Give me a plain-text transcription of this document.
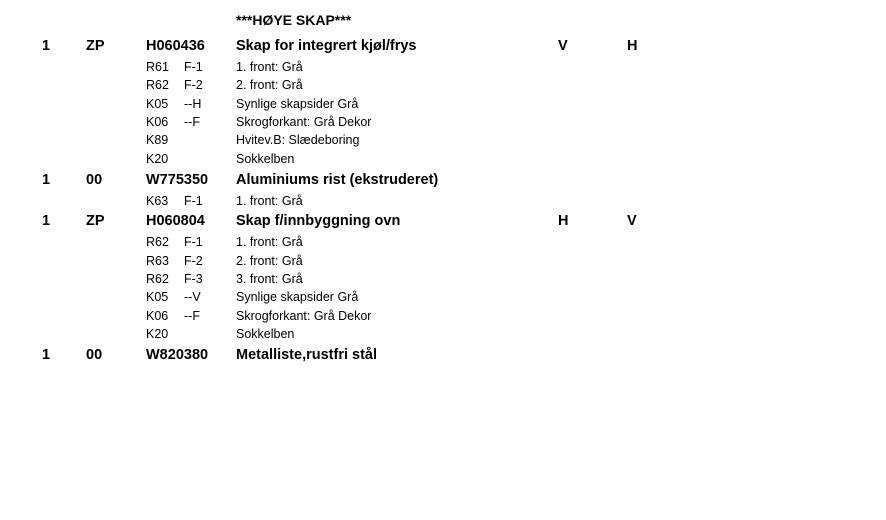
***HØYE SKAP***
1 ZP	H060436 Skap for integrert kjøl/frys	V	H
R61 F-1	1. front: Grå
R62 F-2	2. front: Grå
K05 --H	Synlige skapsider Grå
K06 --F	Skrogforkant: Grå Dekor
K89	Hvitev.B: Slædeboring
K20	Sokkelben
1 00	W775350 Aluminiums rist (ekstruderet)
K63 F-1	1. front: Grå
1 ZP	H060804 Skap f/innbyggning ovn	H	V
R62 F-1	1. front: Grå
R63 F-2	2. front: Grå
R62 F-3	3. front: Grå
K05 --V	Synlige skapsider Grå
K06 --F	Skrogforkant: Grå Dekor
K20	Sokkelben
1 00	W820380 Metalliste,rustfri stål
